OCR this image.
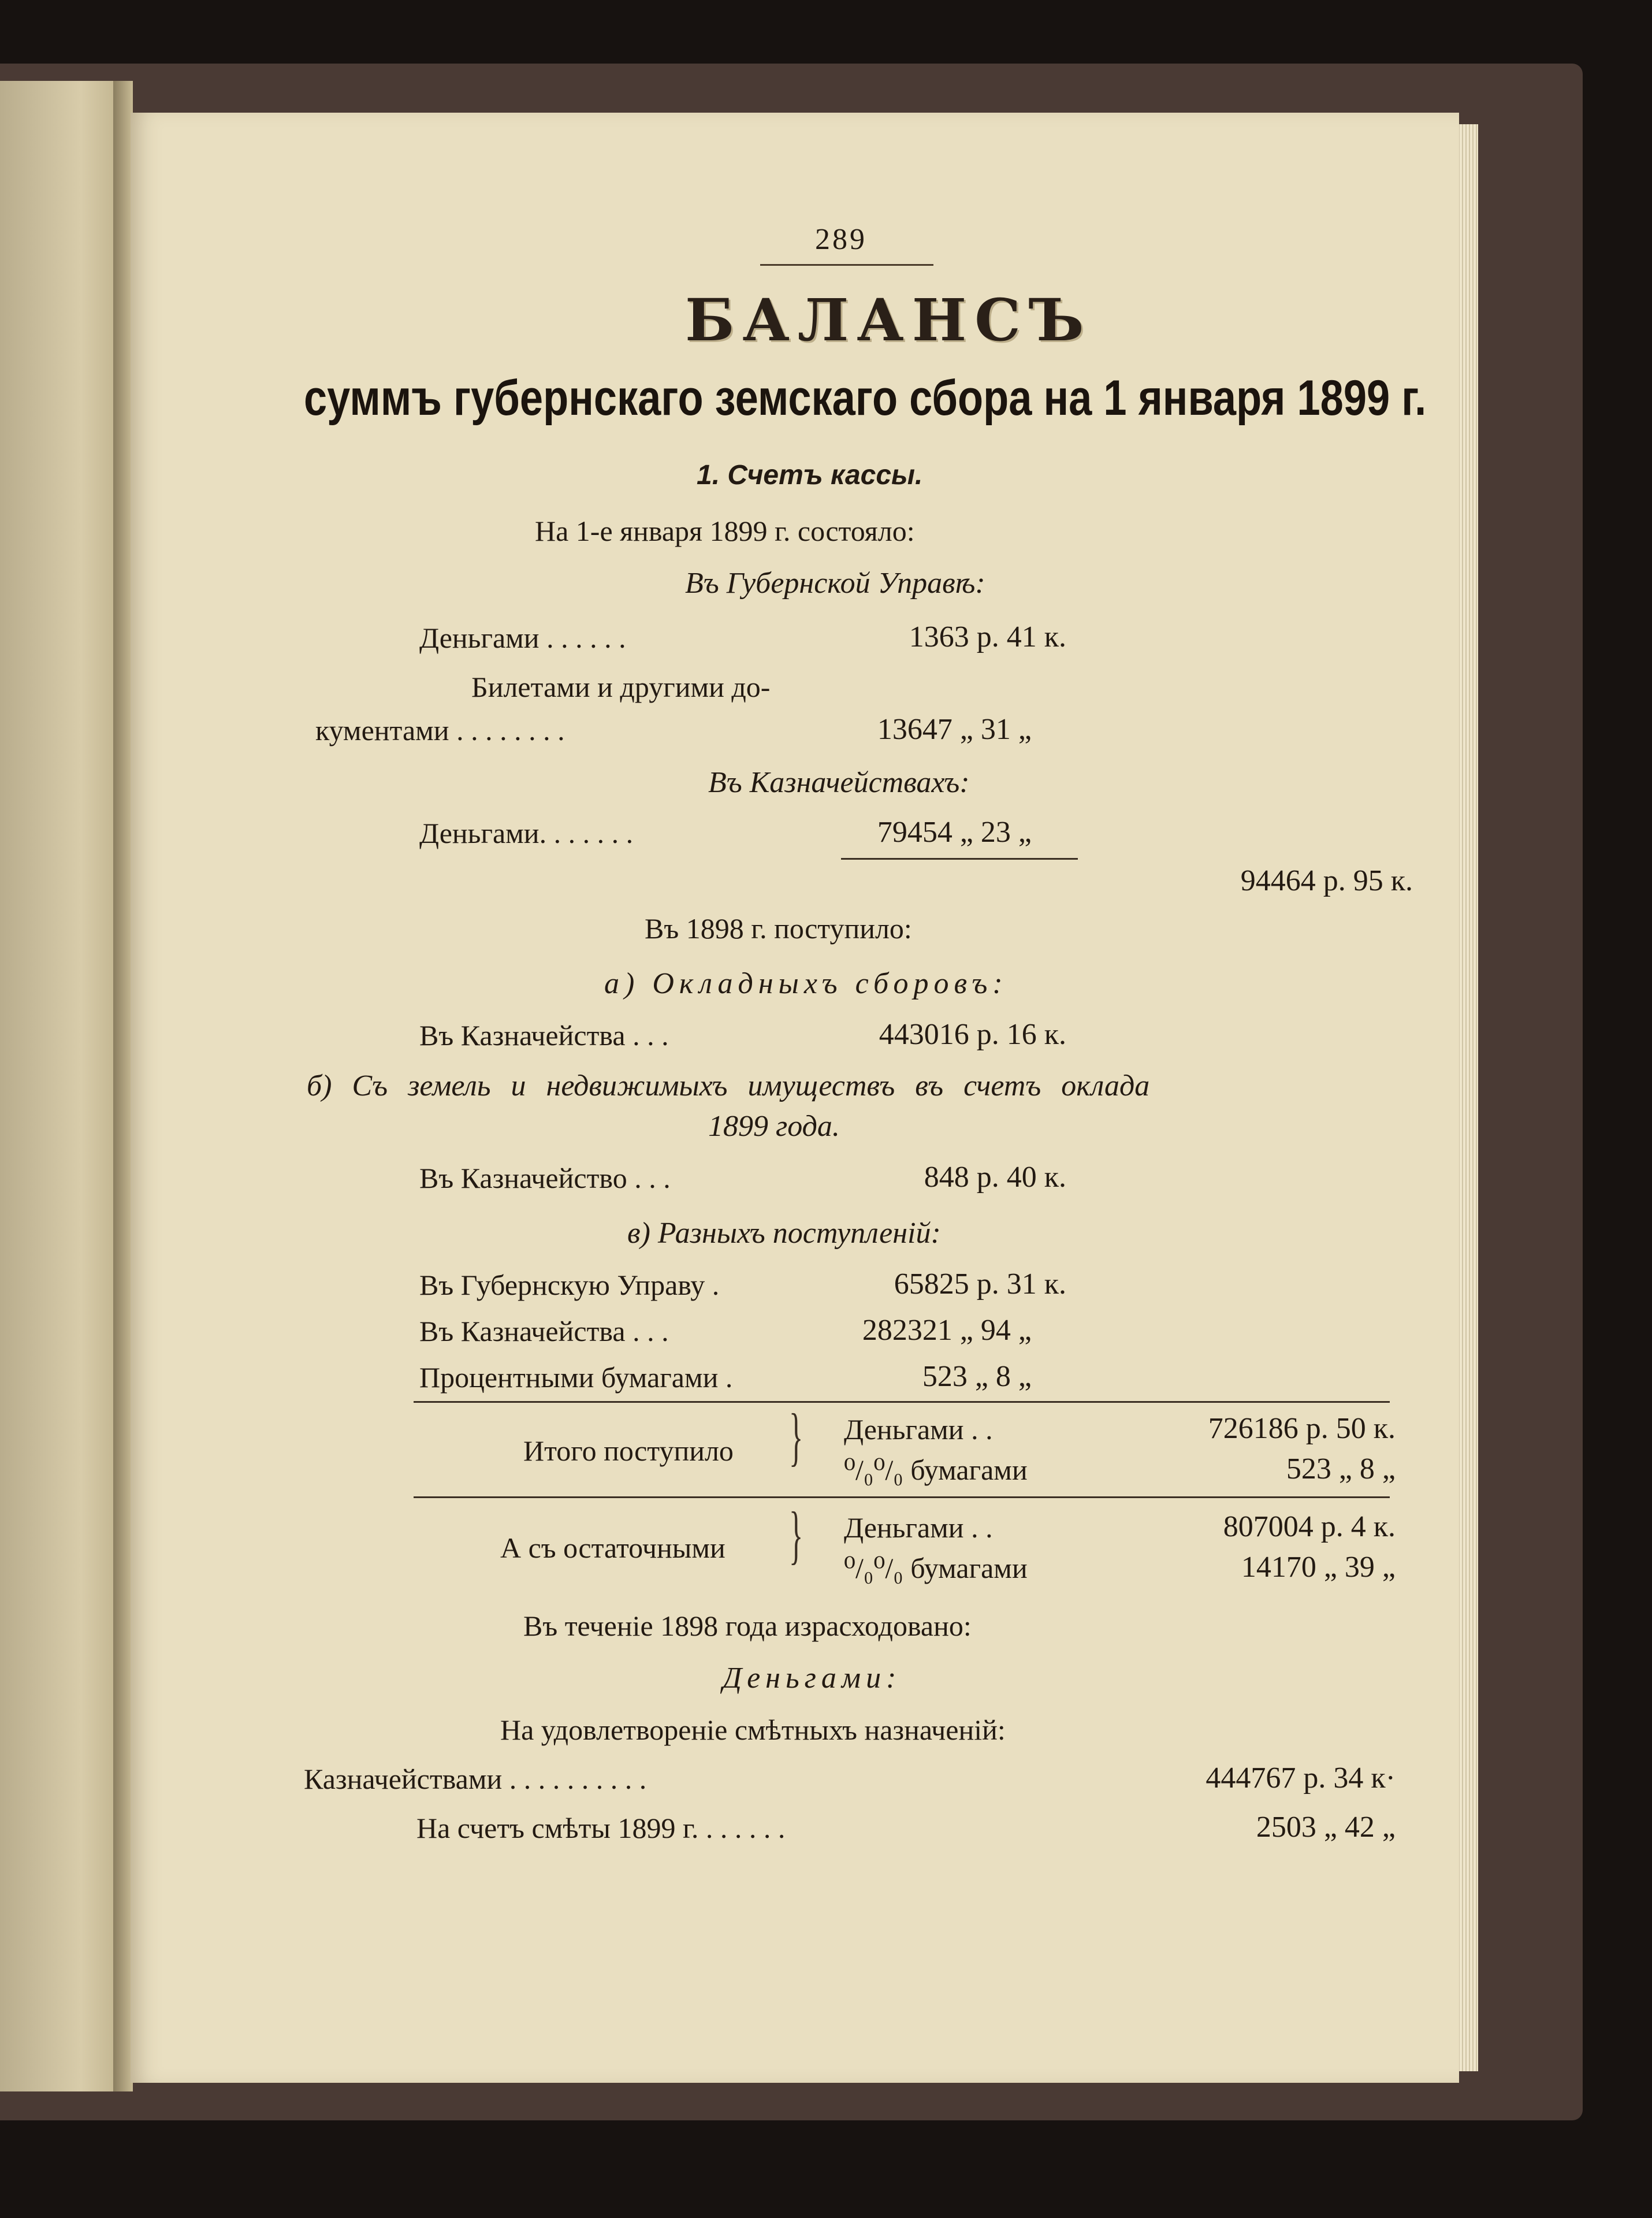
289
БАЛАНСЪ
суммъ губернскаго земскаго сбора на 1 января 1899 г.
1. Счетъ кассы.
На 1-е января 1899 г. состояло:
Въ Губернской Управѣ:
Деньгами . . . . . .	1363 р. 41 к.
Билетами и другими до-
кументами . . . . . . . .	13647 „ 31 „
Въ Казначействахъ:
Деньгами. . . . . . .	79454 „ 23 „
94464 р. 95 к.
Въ 1898 г. поступило:
а) Окладныхъ сборовъ:
Въ Казначейства . . .	443016 р. 16 к.
б) Съ земель и недвижимыхъ имуществъ въ счетъ оклада
1899 года.
Въ Казначейство . . .	848 р. 40 к.
в) Разныхъ поступленій:
Въ Губернскую Управу .	65825 р. 31 к.
Въ Казначейства . . .	282321 „ 94 „
Процентными бумагами .	523 „ 8 „
Итого поступило } Деньгами . .	726186 р. 50 к.
⁰/₀⁰/₀ бумагами	523 „ 8 „
А съ остаточными } Деньгами . .	807004 р. 4 к.
⁰/₀⁰/₀ бумагами	14170 „ 39 „
Въ теченіе 1898 года израсходовано:
Деньгами:
На удовлетвореніе смѣтныхъ назначеній:
Казначействами . . . . . . . . . .	444767 р. 34 к·
На счетъ смѣты 1899 г. . . . . . .	2503 „ 42 „
